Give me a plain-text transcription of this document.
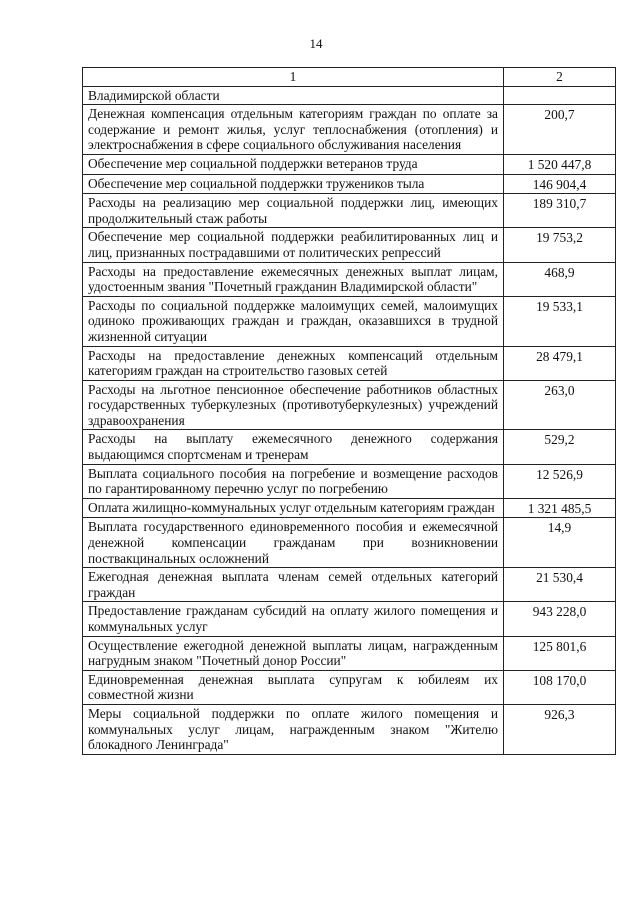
14
1	2
Владимирской области	
Денежная компенсация отдельным категориям граждан по оплате за содержание и ремонт жилья, услуг теплоснабжения (отопления) и электроснабжения в сфере социального обслуживания населения	200,7
Обеспечение мер социальной поддержки ветеранов труда	1 520 447,8
Обеспечение мер социальной поддержки тружеников тыла	146 904,4
Расходы на реализацию мер социальной поддержки лиц, имеющих продолжительный стаж работы	189 310,7
Обеспечение мер социальной поддержки реабилитированных лиц и лиц, признанных пострадавшими от политических репрессий	19 753,2
Расходы на предоставление ежемесячных денежных выплат лицам, удостоенным звания "Почетный гражданин Владимирской области"	468,9
Расходы по социальной поддержке малоимущих семей, малоимущих одиноко проживающих граждан и граждан, оказавшихся в трудной жизненной ситуации	19 533,1
Расходы на предоставление денежных компенсаций отдельным категориям граждан на строительство газовых сетей	28 479,1
Расходы на льготное пенсионное обеспечение работников областных государственных туберкулезных (противотуберкулезных) учреждений здравоохранения	263,0
Расходы на выплату ежемесячного денежного содержания выдающимся спортсменам и тренерам	529,2
Выплата социального пособия на погребение и возмещение расходов по гарантированному перечню услуг по погребению	12 526,9
Оплата жилищно-коммунальных услуг отдельным категориям граждан	1 321 485,5
Выплата государственного единовременного пособия и ежемесячной денежной компенсации гражданам при возникновении поствакцинальных осложнений	14,9
Ежегодная денежная выплата членам семей отдельных категорий граждан	21 530,4
Предоставление гражданам субсидий на оплату жилого помещения и коммунальных услуг	943 228,0
Осуществление ежегодной денежной выплаты лицам, награжденным нагрудным знаком "Почетный донор России"	125 801,6
Единовременная денежная выплата супругам к юбилеям их совместной жизни	108 170,0
Меры социальной поддержки по оплате жилого помещения и коммунальных услуг лицам, награжденным знаком "Жителю блокадного Ленинграда"	926,3
